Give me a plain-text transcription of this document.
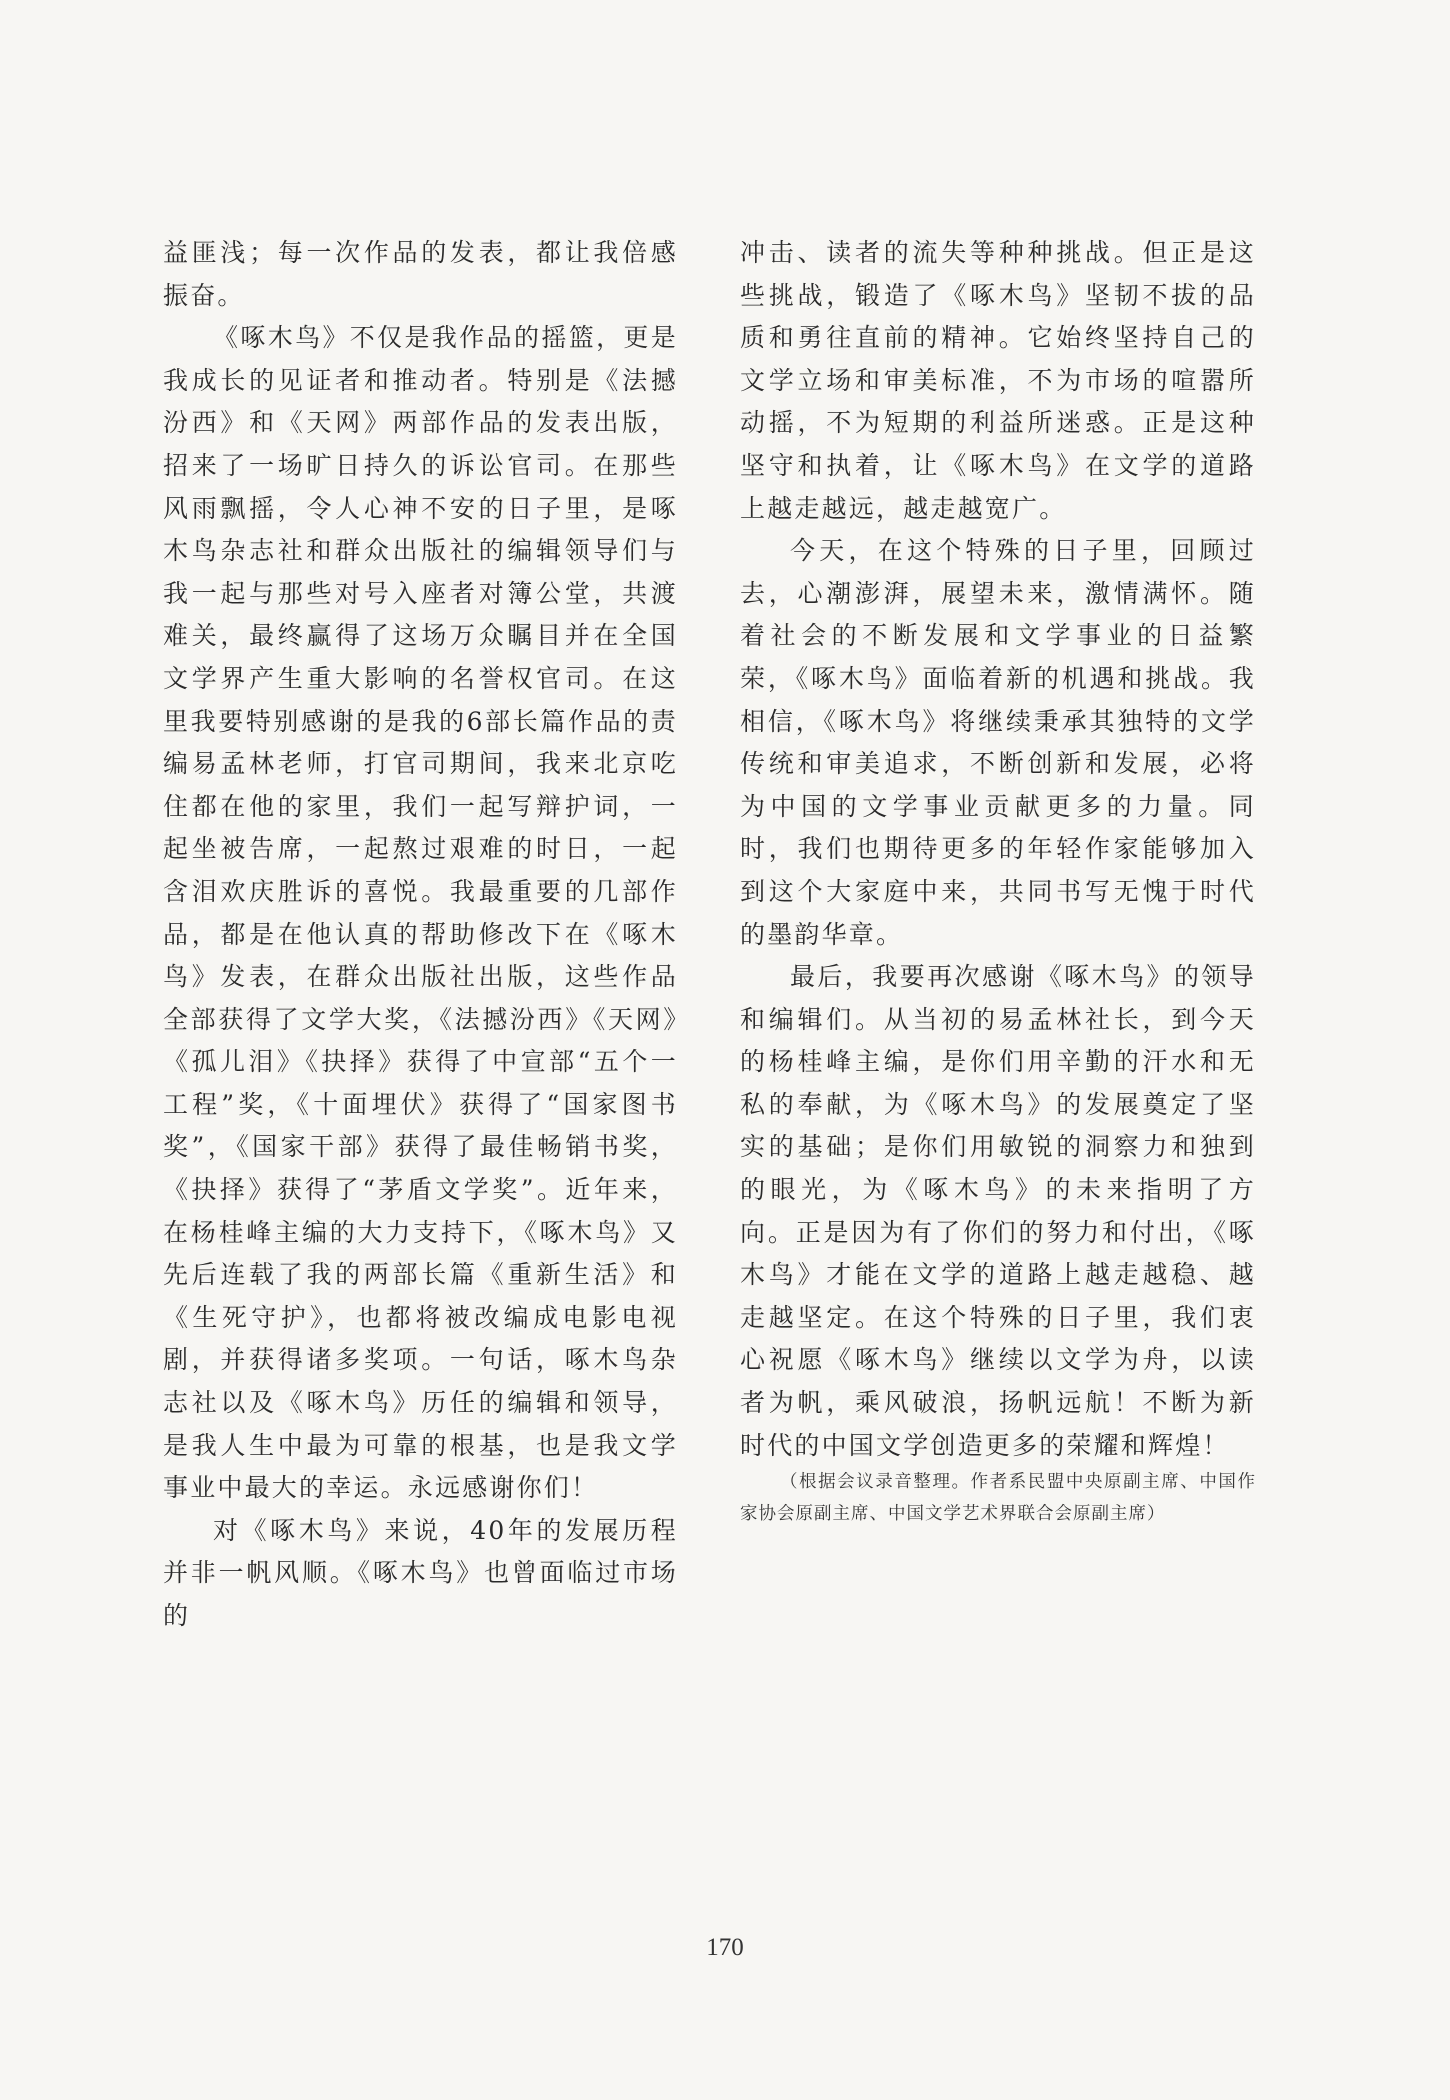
益匪浅；每一次作品的发表，都让我倍感振奋。

《啄木鸟》不仅是我作品的摇篮，更是我成长的见证者和推动者。特别是《法撼汾西》和《天网》两部作品的发表出版，招来了一场旷日持久的诉讼官司。在那些风雨飘摇，令人心神不安的日子里，是啄木鸟杂志社和群众出版社的编辑领导们与我一起与那些对号入座者对簿公堂，共渡难关，最终赢得了这场万众瞩目并在全国文学界产生重大影响的名誉权官司。在这里我要特别感谢的是我的6部长篇作品的责编易孟林老师，打官司期间，我来北京吃住都在他的家里，我们一起写辩护词，一起坐被告席，一起熬过艰难的时日，一起含泪欢庆胜诉的喜悦。我最重要的几部作品，都是在他认真的帮助修改下在《啄木鸟》发表，在群众出版社出版，这些作品全部获得了文学大奖，《法撼汾西》《天网》《孤儿泪》《抉择》获得了中宣部“五个一工程”奖，《十面埋伏》获得了“国家图书奖”，《国家干部》获得了最佳畅销书奖，《抉择》获得了“茅盾文学奖”。近年来，在杨桂峰主编的大力支持下，《啄木鸟》又先后连载了我的两部长篇《重新生活》和《生死守护》，也都将被改编成电影电视剧，并获得诸多奖项。一句话，啄木鸟杂志社以及《啄木鸟》历任的编辑和领导，是我人生中最为可靠的根基，也是我文学事业中最大的幸运。永远感谢你们！

对《啄木鸟》来说，40年的发展历程并非一帆风顺。《啄木鸟》也曾面临过市场的

冲击、读者的流失等种种挑战。但正是这些挑战，锻造了《啄木鸟》坚韧不拔的品质和勇往直前的精神。它始终坚持自己的文学立场和审美标准，不为市场的喧嚣所动摇，不为短期的利益所迷惑。正是这种坚守和执着，让《啄木鸟》在文学的道路上越走越远，越走越宽广。

今天，在这个特殊的日子里，回顾过去，心潮澎湃，展望未来，激情满怀。随着社会的不断发展和文学事业的日益繁荣，《啄木鸟》面临着新的机遇和挑战。我相信，《啄木鸟》将继续秉承其独特的文学传统和审美追求，不断创新和发展，必将为中国的文学事业贡献更多的力量。同时，我们也期待更多的年轻作家能够加入到这个大家庭中来，共同书写无愧于时代的墨韵华章。

最后，我要再次感谢《啄木鸟》的领导和编辑们。从当初的易孟林社长，到今天的杨桂峰主编，是你们用辛勤的汗水和无私的奉献，为《啄木鸟》的发展奠定了坚实的基础；是你们用敏锐的洞察力和独到的眼光，为《啄木鸟》的未来指明了方向。正是因为有了你们的努力和付出，《啄木鸟》才能在文学的道路上越走越稳、越走越坚定。在这个特殊的日子里，我们衷心祝愿《啄木鸟》继续以文学为舟，以读者为帆，乘风破浪，扬帆远航！不断为新时代的中国文学创造更多的荣耀和辉煌！

（根据会议录音整理。作者系民盟中央原副主席、中国作家协会原副主席、中国文学艺术界联合会原副主席）
170
